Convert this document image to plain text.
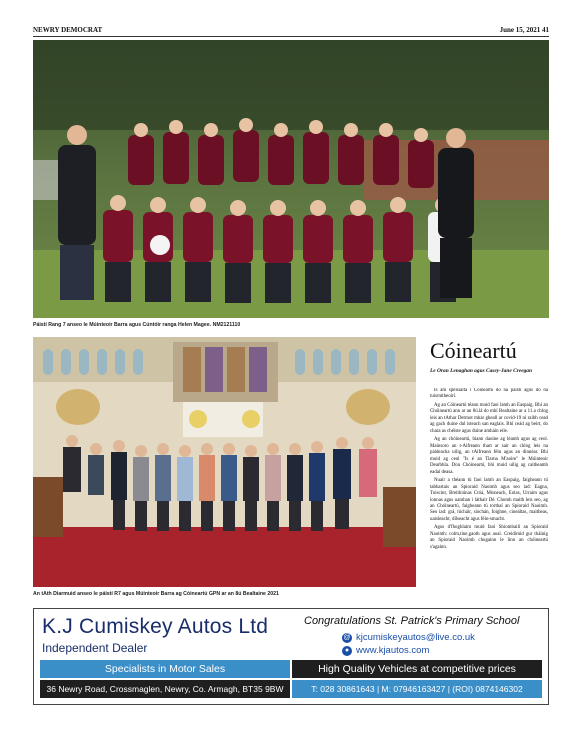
NEWRY DEMOCRAT	June 15, 2021 41
Páistí Rang 7 anseo le Múinteoir Barra agus Cúntóir ranga Helen Magee. NM2121110
An tAth Diarmuid anseo le páistí R7 agus Múinteoir Barra ag Cóineartú GPN ar an 8ú Bealtaine 2021
Cóineartú
Le Oran Lenaghan agus Casey-Jane Creegan

Is am speisialta í Cóineartú do na páistí agus do na tuismitheoirí.

Ag an Cóineartú téann muid faoi lamh an Easpaig. Bhí an Chóineartú ann ar an 8ú.lá do mhí Bealtaine ar a 11.a chlog leis an tAthar Dermot mhar gheall ar covid-19 ní raibh cead ag gach duine dul isteach san eaglais. Bhí ceád ag beirt, do chara as chéiste agus duine amháin eile.

Ag an chóineartú, biann daoine ag léamh agus ag ceol. Mainsoro an t-Aifreann thart ar sair an chlog leis na páideacha uilig, an tAifreann féin agus an dinnéar. Bhí muid ag ceol "Is é an Tiarna M'aoire" le Múinteoir Dearbhla. Don Chóineartú, bhí muid uilig ag caitheamh eadaí deasa.

Nuair a théann tú faoi lamh an Easpaig, faigheann tú tabhartais an Spioraid Naoimh agus seo iad: Eagna, Tuiscint, Breithiúnas Cróá, Misneach, Eolas, Urraim agus lonnas agus uamhan i láthair Dé. Chomh maith leis seo, ag an Chóineartú, faigheann tú torthaí an Spioraid Naoimh. Seo iad: grá, lúcháir, síochán, foighne, cineáltas, maitheas, uaisleacht, dílseacht agus féin-smacht.

Agus d'fhoghlaim muid faoi Shiombailí an Spioraid Naoimh: colm,tine,gaoth agus aoal. Creidimid gur tháinig an Spioraid Naoimh chugainn le linn an chóineartú s'againn.

K.J Cumiskey Autos Ltd
Independent Dealer
Congratulations St. Patrick's Primary School
@ kjcumiskeyautos@live.co.uk
● www.kjautos.com
Specialists in Motor Sales	High Quality Vehicles at competitive prices
36 Newry Road, Crossmaglen, Newry, Co. Armagh, BT35 9BW	T: 028 30861643 | M: 07946163427 | (ROI) 0874146302
